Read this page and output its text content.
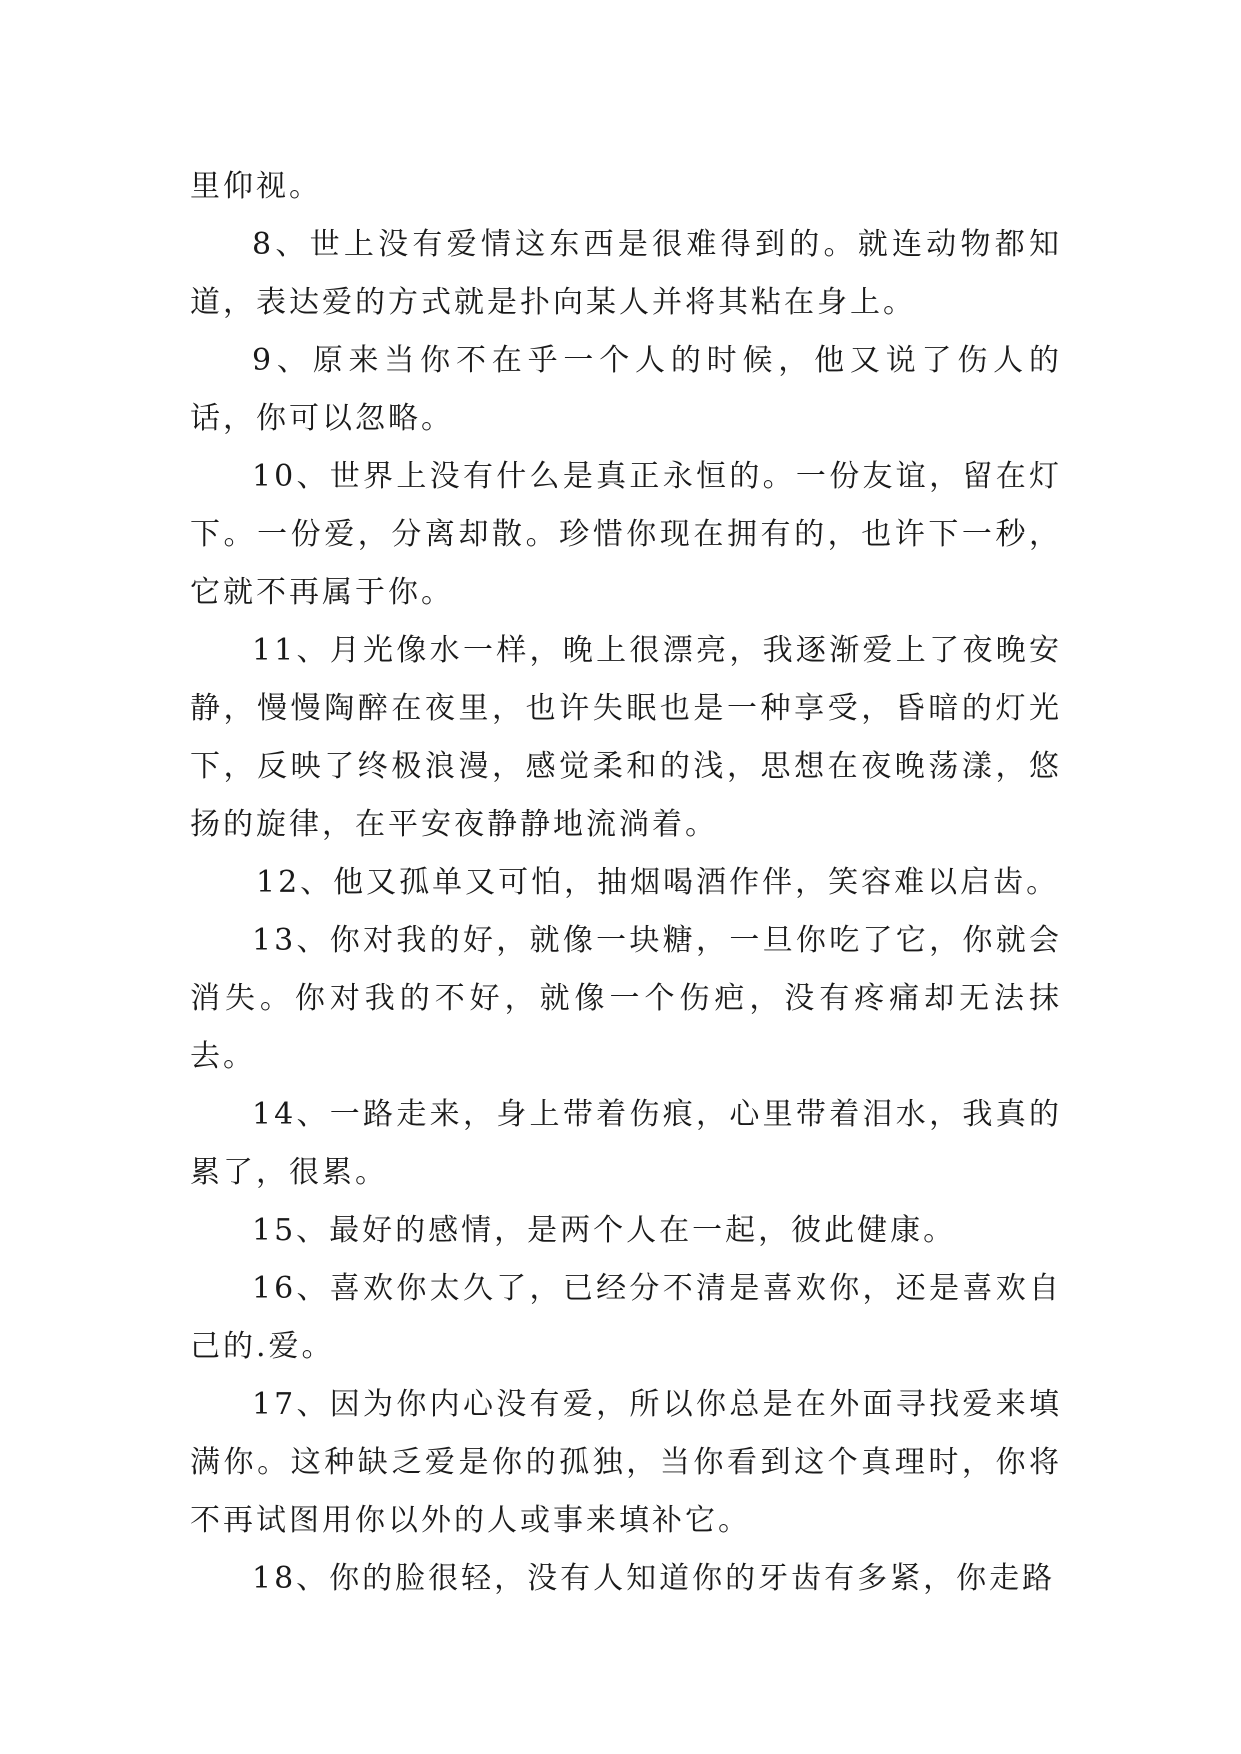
里仰视。

8、世上没有爱情这东西是很难得到的。就连动物都知道，表达爱的方式就是扑向某人并将其粘在身上。

9、原来当你不在乎一个人的时候，他又说了伤人的话，你可以忽略。

10、世界上没有什么是真正永恒的。一份友谊，留在灯下。一份爱，分离却散。珍惜你现在拥有的，也许下一秒，它就不再属于你。

11、月光像水一样，晚上很漂亮，我逐渐爱上了夜晚安静，慢慢陶醉在夜里，也许失眠也是一种享受，昏暗的灯光下，反映了终极浪漫，感觉柔和的浅，思想在夜晚荡漾，悠扬的旋律，在平安夜静静地流淌着。

12、他又孤单又可怕，抽烟喝酒作伴，笑容难以启齿。

13、你对我的好，就像一块糖，一旦你吃了它，你就会消失。你对我的不好，就像一个伤疤，没有疼痛却无法抹去。

14、一路走来，身上带着伤痕，心里带着泪水，我真的累了，很累。

15、最好的感情，是两个人在一起，彼此健康。

16、喜欢你太久了，已经分不清是喜欢你，还是喜欢自己的.爱。

17、因为你内心没有爱，所以你总是在外面寻找爱来填满你。这种缺乏爱是你的孤独，当你看到这个真理时，你将不再试图用你以外的人或事来填补它。

18、你的脸很轻，没有人知道你的牙齿有多紧，你走路
